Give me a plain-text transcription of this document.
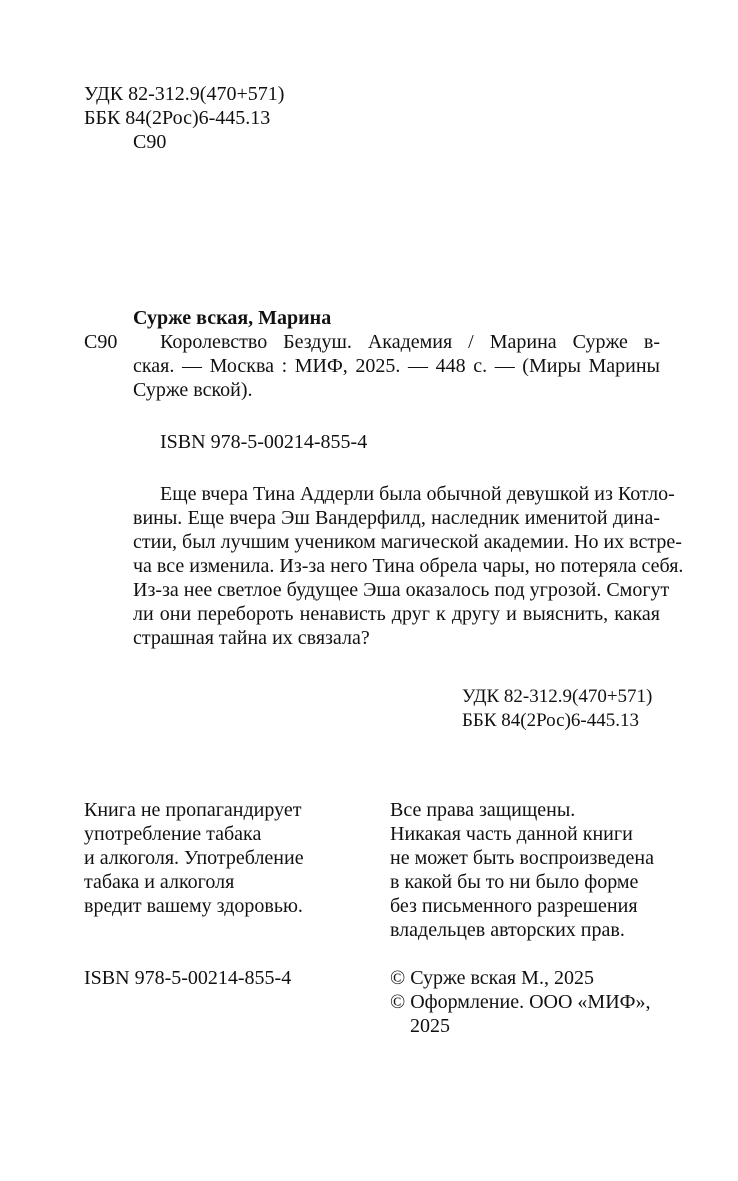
УДК 82-312.9(470+571)
ББК 84(2Рос)6-445.13
С90
Сурже вская, Марина
С90 Королевство Бездуш. Академия / Марина Сурже в-
ская. — Москва : МИФ, 2025. — 448 с. — (Миры Марины
Сурже вской).
ISBN 978-5-00214-855-4
Еще вчера Тина Аддерли была обычной девушкой из Котло-
вины. Еще вчера Эш Вандерфилд, наследник именитой дина-
стии, был лучшим учеником магической академии. Но их встре-
ча все изменила. Из-за него Тина обрела чары, но потеряла себя.
Из-за нее светлое будущее Эша оказалось под угрозой. Смогут
ли они перебороть ненависть друг к другу и выяснить, какая
страшная тайна их связала?
УДК 82-312.9(470+571)
ББК 84(2Рос)6-445.13
Книга не пропагандирует
употребление табака
и алкоголя. Употребление
табака и алкоголя
вредит вашему здоровью.
Все права защищены.
Никакая часть данной книги
не может быть воспроизведена
в какой бы то ни было форме
без письменного разрешения
владельцев авторских прав.
ISBN 978-5-00214-855-4	© Сурже вская М., 2025
© Оформление. ООО «МИФ»,
2025
